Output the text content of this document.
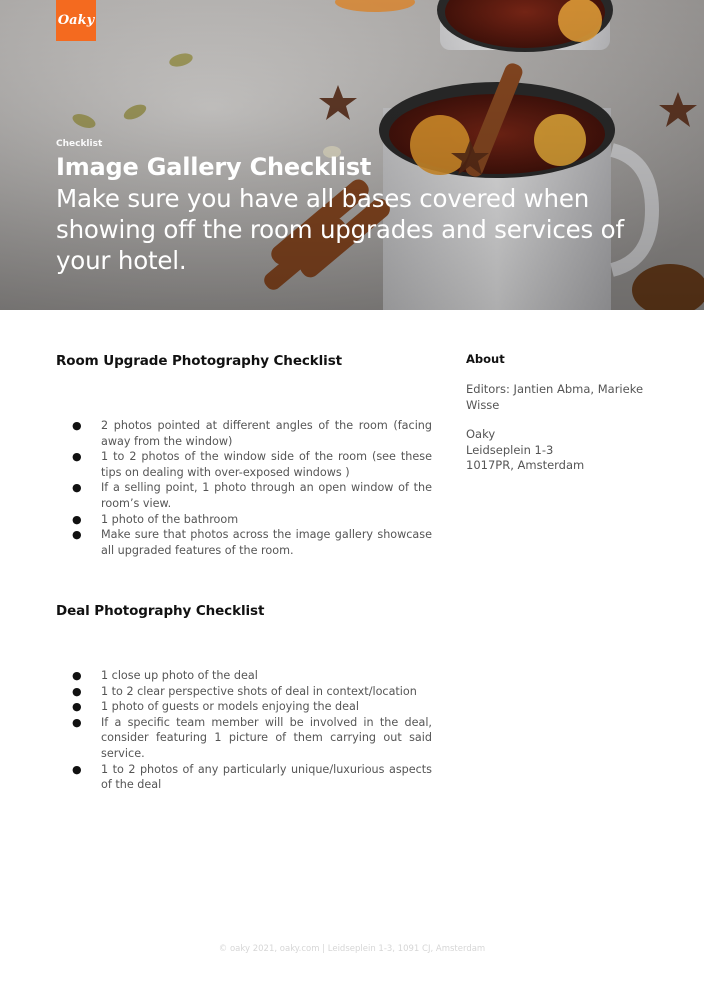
Oaky

Checklist

Image Gallery Checklist

Make sure you have all bases covered when showing off the room upgrades and services of your hotel.

Room Upgrade Photography Checklist
● 2 photos pointed at different angles of the room (facing away from the window)
● 1 to 2 photos of the window side of the room (see these tips on dealing with over-exposed windows )
● If a selling point, 1 photo through an open window of the room’s view.
● 1 photo of the bathroom
● Make sure that photos across the image gallery showcase all upgraded features of the room.
Deal Photography Checklist
● 1 close up photo of the deal
● 1 to 2 clear perspective shots of deal in context/location
● 1 photo of guests or models enjoying the deal
● If a specific team member will be involved in the deal, consider featuring 1 picture of them carrying out said service.
● 1 to 2 photos of any particularly unique/luxurious aspects of the deal
About

Editors: Jantien Abma, Marieke Wisse

Oaky
Leidseplein 1-3
1017PR, Amsterdam

© oaky 2021, oaky.com | Leidseplein 1-3, 1091 CJ, Amsterdam
